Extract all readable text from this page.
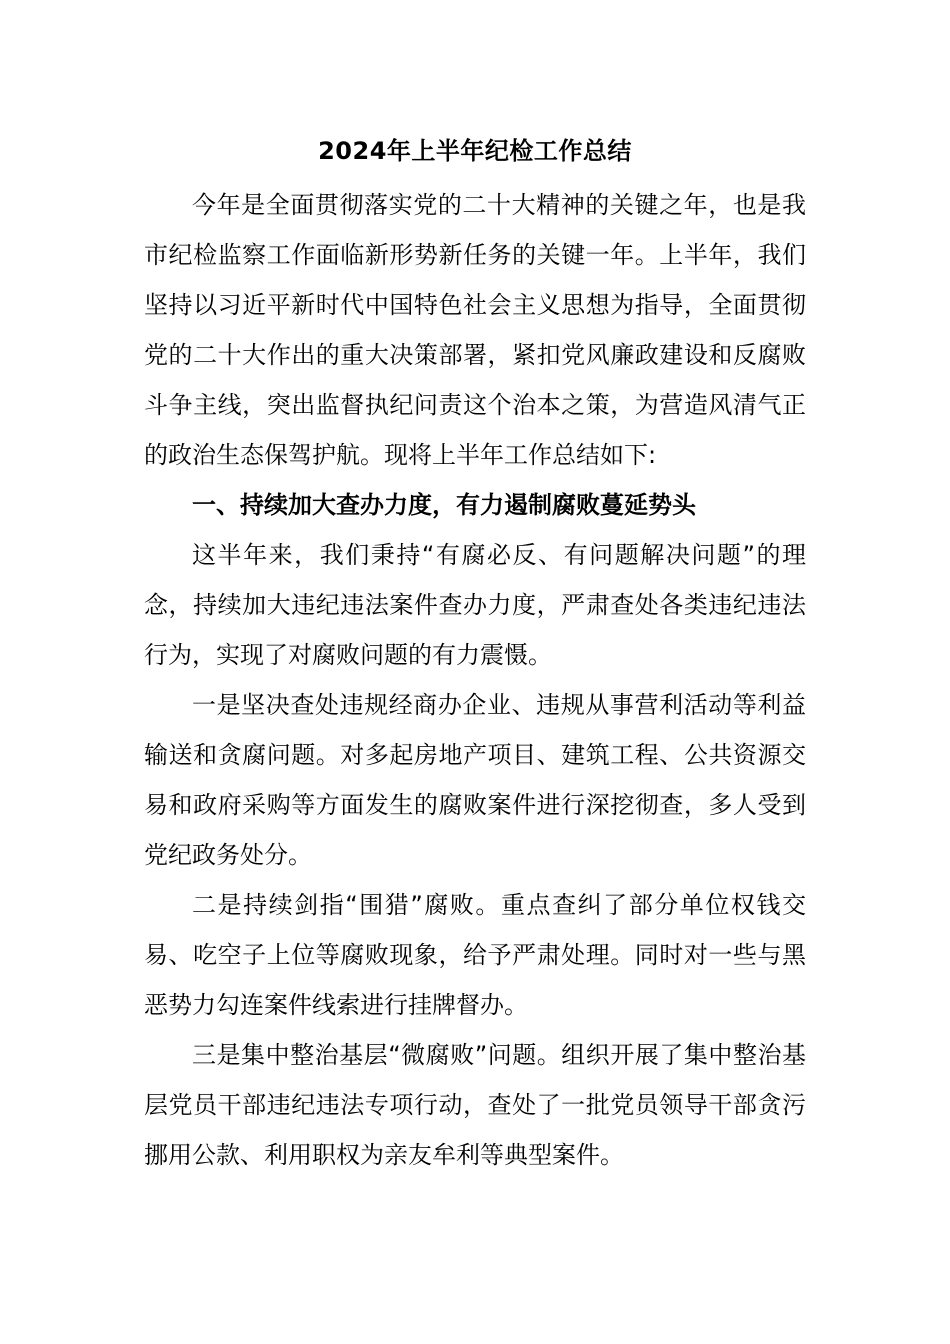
2024年上半年纪检工作总结

今年是全面贯彻落实党的二十大精神的关键之年，也是我市纪检监察工作面临新形势新任务的关键一年。上半年，我们坚持以习近平新时代中国特色社会主义思想为指导，全面贯彻党的二十大作出的重大决策部署，紧扣党风廉政建设和反腐败斗争主线，突出监督执纪问责这个治本之策，为营造风清气正的政治生态保驾护航。现将上半年工作总结如下:

一、持续加大查办力度，有力遏制腐败蔓延势头

这半年来，我们秉持“有腐必反、有问题解决问题”的理念，持续加大违纪违法案件查办力度，严肃查处各类违纪违法行为，实现了对腐败问题的有力震慑。

一是坚决查处违规经商办企业、违规从事营利活动等利益输送和贪腐问题。对多起房地产项目、建筑工程、公共资源交易和政府采购等方面发生的腐败案件进行深挖彻查，多人受到党纪政务处分。

二是持续剑指“围猎”腐败。重点查纠了部分单位权钱交易、吃空子上位等腐败现象，给予严肃处理。同时对一些与黑恶势力勾连案件线索进行挂牌督办。

三是集中整治基层“微腐败”问题。组织开展了集中整治基层党员干部违纪违法专项行动，查处了一批党员领导干部贪污挪用公款、利用职权为亲友牟利等典型案件。
